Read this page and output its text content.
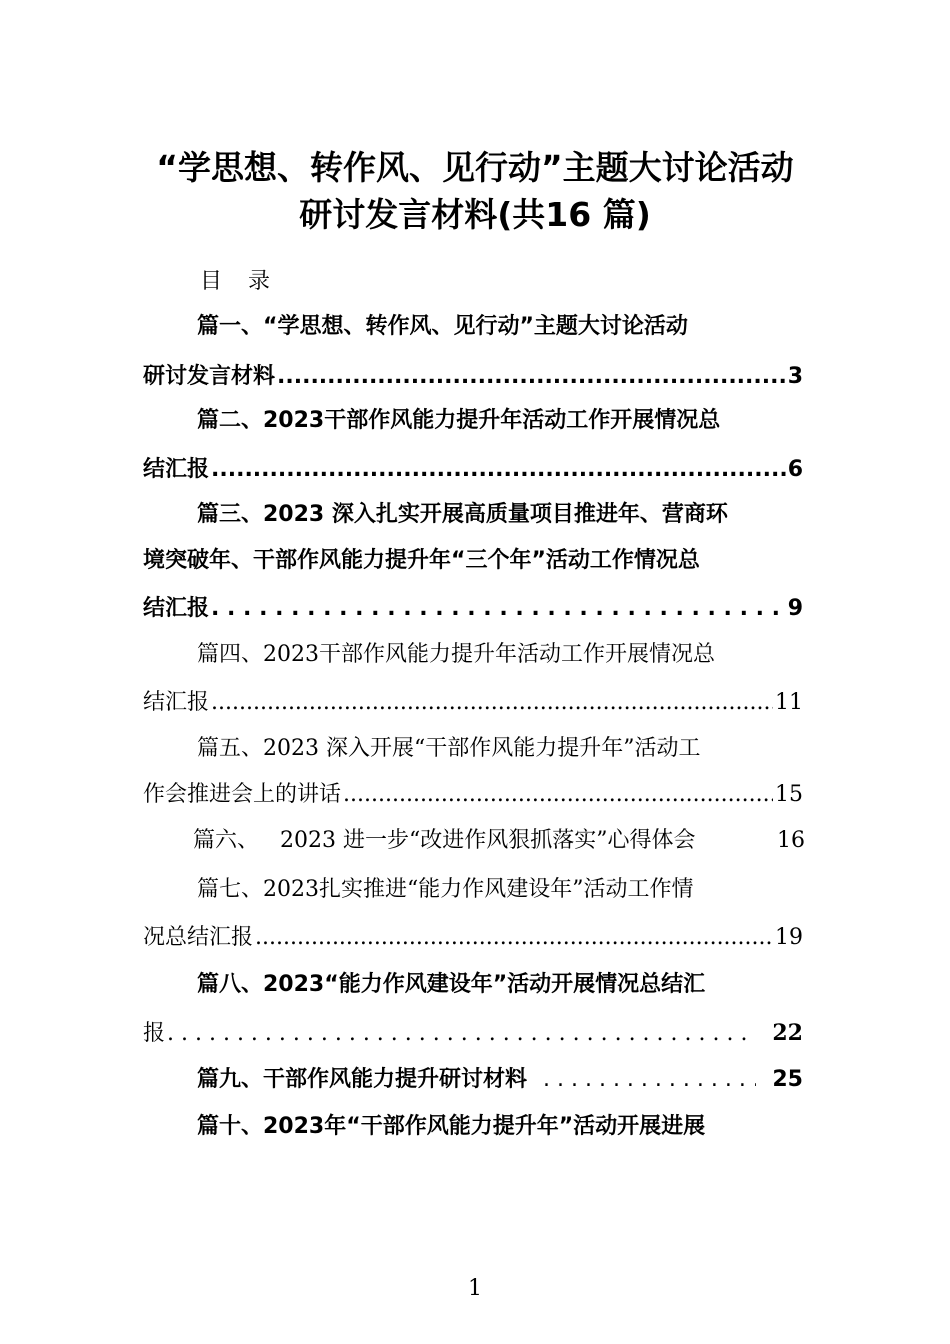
“学思想、转作风、见行动”主题大讨论活动
研讨发言材料(共16 篇)
目 录
篇一、“学思想、转作风、见行动”主题大讨论活动
研讨发言材料 .....	3
篇二、2023干部作风能力提升年活动工作开展情况总
结汇报 .....	6
篇三、2023 深入扎实开展高质量项目推进年、营商环
境突破年、干部作风能力提升年“三个年”活动工作情况总
结汇报 . . .	9
篇四、2023干部作风能力提升年活动工作开展情况总
结汇报 .....	11
篇五、2023 深入开展“干部作风能力提升年”活动工
作会推进会上的讲话 .....	15
篇六、   2023 进一步“改进作风狠抓落实”心得体会	16
篇七、2023扎实推进“能力作风建设年”活动工作情
况总结汇报 .....	19
篇八、2023“能力作风建设年”活动开展情况总结汇
报 . . .	22
篇九、干部作风能力提升研讨材料 . . .	25
篇十、2023年“干部作风能力提升年”活动开展进展
1
